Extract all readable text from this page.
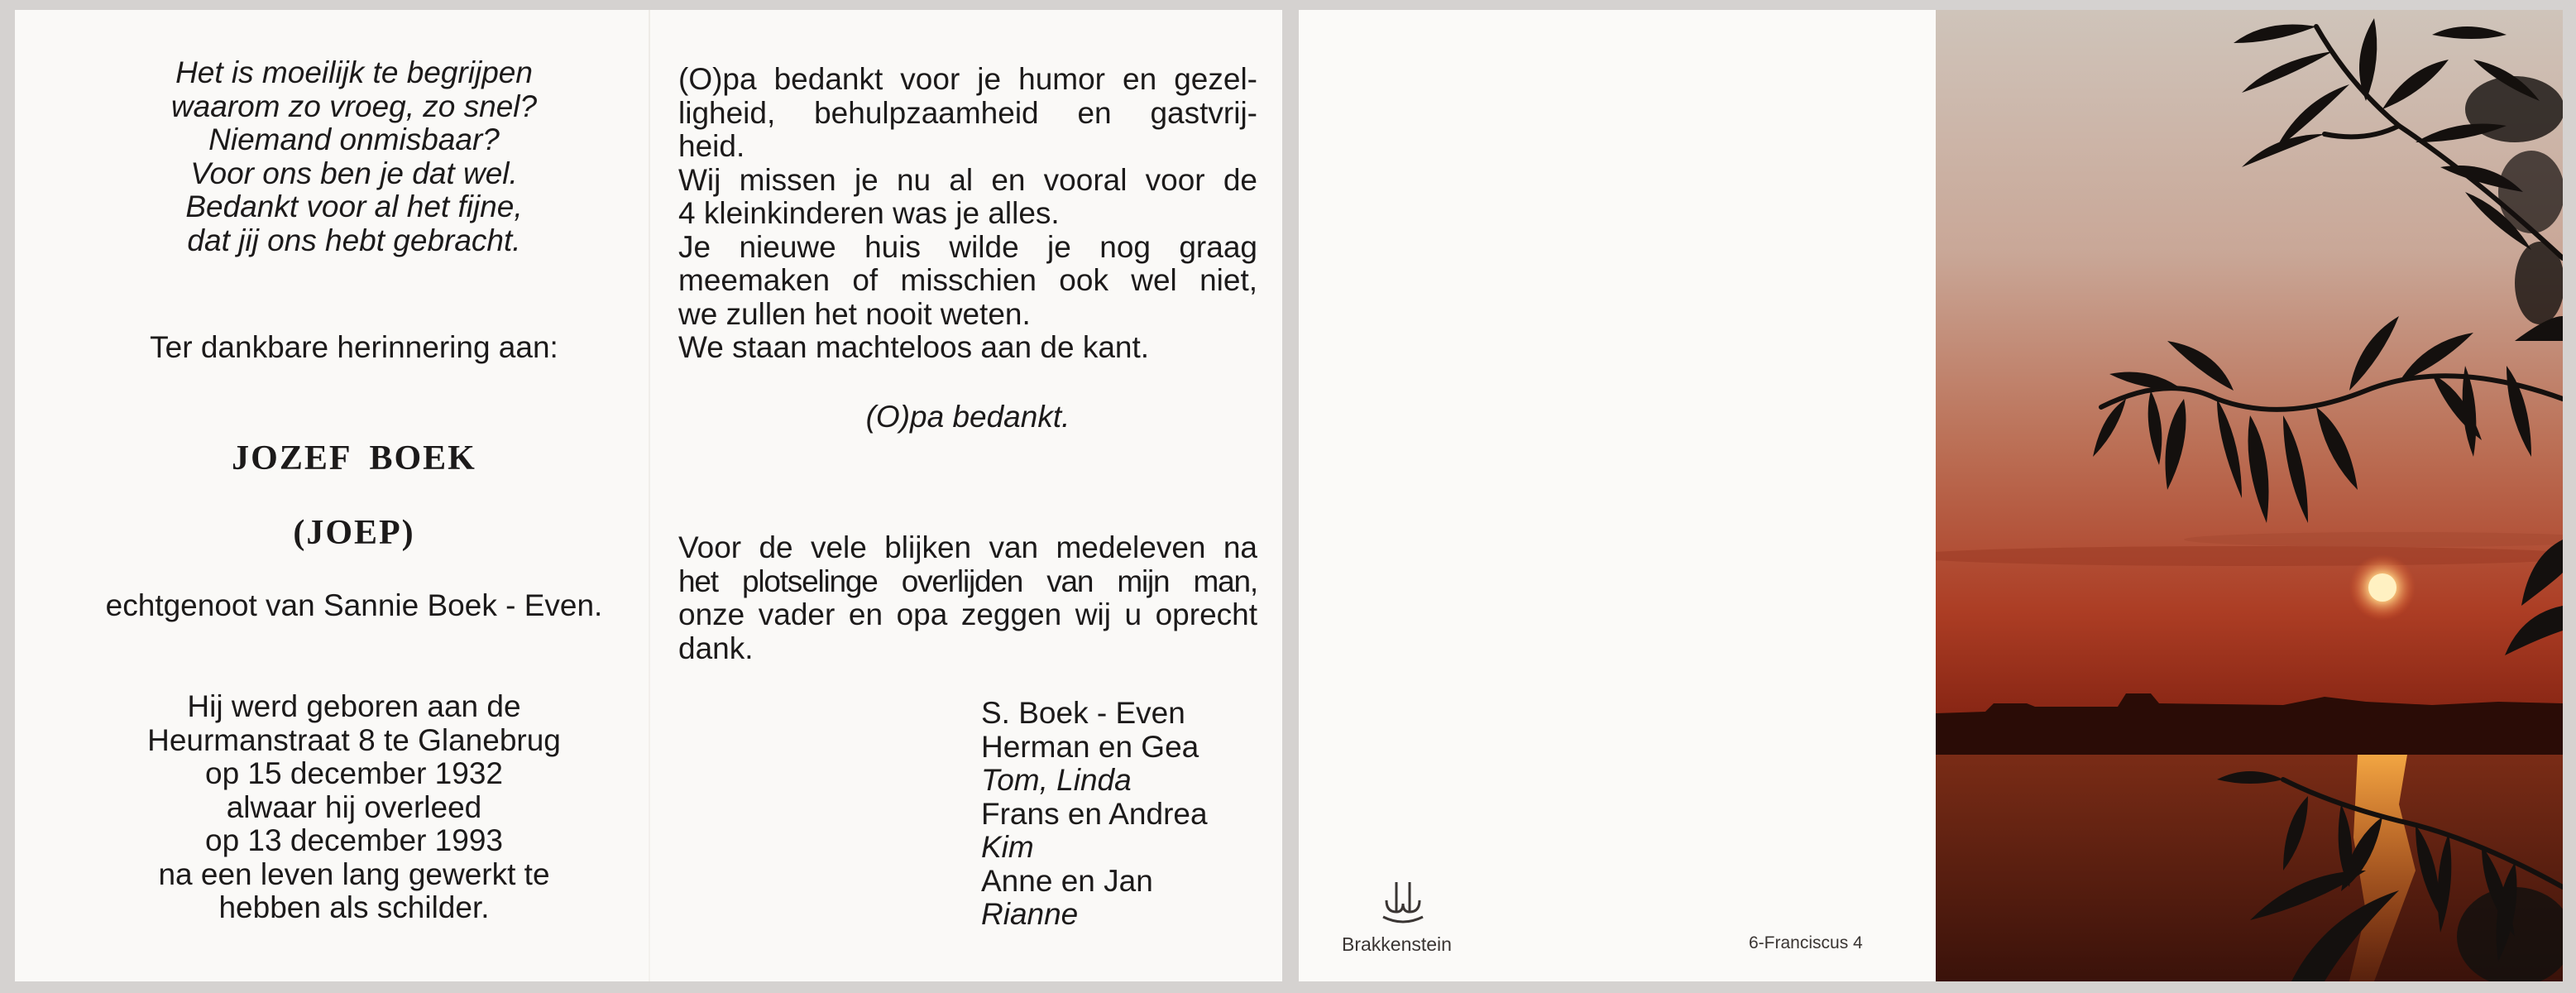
Het is moeilijk te begrijpen
waarom zo vroeg, zo snel?
Niemand onmisbaar?
Voor ons ben je dat wel.
Bedankt voor al het fijne,
dat jij ons hebt gebracht.
Ter dankbare herinnering aan:
JOZEF BOEK
(JOEP)
echtgenoot van Sannie Boek - Even.
Hij werd geboren aan de
Heurmanstraat 8 te Glanebrug
op 15 december 1932
alwaar hij overleed
op 13 december 1993
na een leven lang gewerkt te
hebben als schilder.
(O)pa bedankt voor je humor en gezel-
ligheid, behulpzaamheid en gastvrij-
heid.
Wij missen je nu al en vooral voor de
4 kleinkinderen was je alles.
Je nieuwe huis wilde je nog graag
meemaken of misschien ook wel niet,
we zullen het nooit weten.
We staan machteloos aan de kant.
(O)pa bedankt.
Voor de vele blijken van medeleven na
het plotselinge overlijden van mijn man,
onze vader en opa zeggen wij u oprecht
dank.
S. Boek - Even
Herman en Gea
Tom, Linda
Frans en Andrea
Kim
Anne en Jan
Rianne
Brakkenstein	6-Franciscus 4
